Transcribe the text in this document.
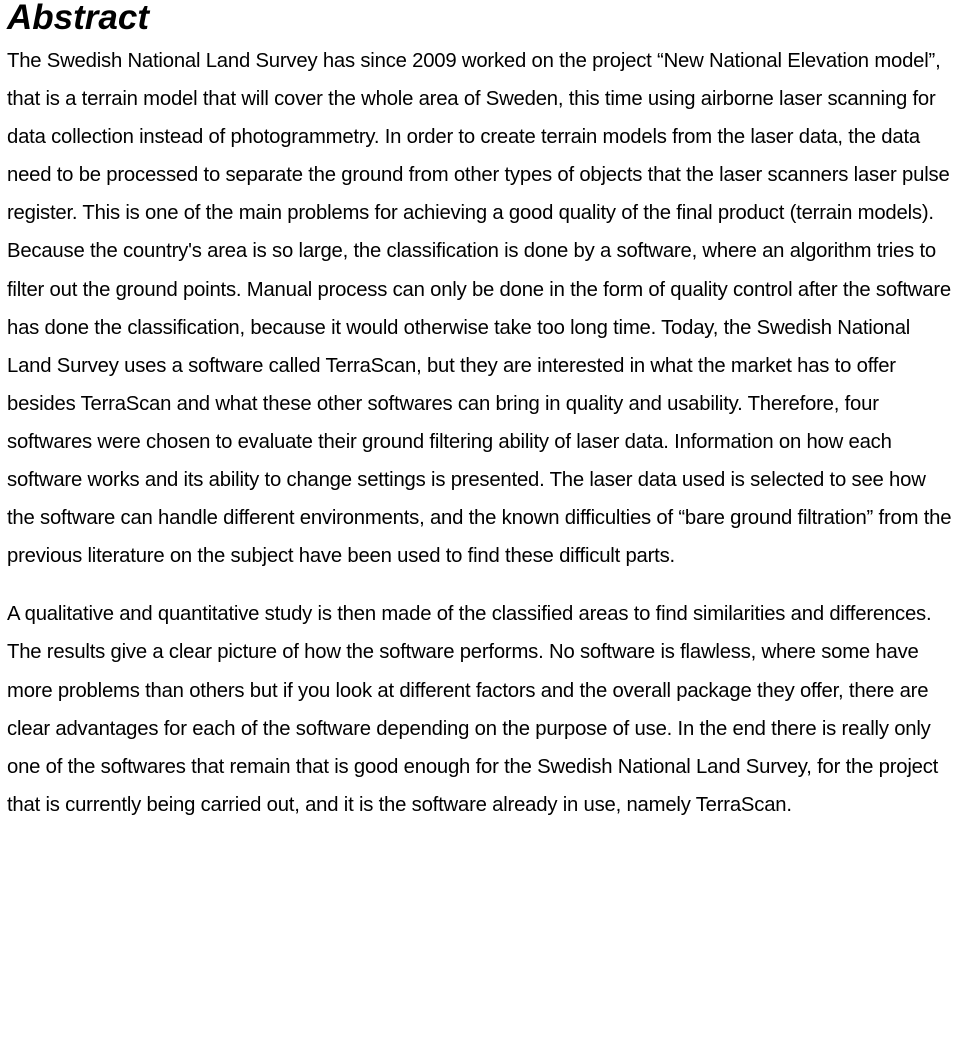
Abstract

The Swedish National Land Survey has since 2009 worked on the project “New National Elevation model”, that is a terrain model that will cover the whole area of Sweden, this time using airborne laser scanning for data collection instead of photogrammetry. In order to create terrain models from the laser data, the data need to be processed to separate the ground from other types of objects that the laser scanners laser pulse register. This is one of the main problems for achieving a good quality of the final product (terrain models). Because the country's area is so large, the classification is done by a software, where an algorithm tries to filter out the ground points. Manual process can only be done in the form of quality control after the software has done the classification, because it would otherwise take too long time. Today, the Swedish National Land Survey uses a software called TerraScan, but they are interested in what the market has to offer besides TerraScan and what these other softwares can bring in quality and usability. Therefore, four softwares were chosen to evaluate their ground filtering ability of laser data. Information on how each software works and its ability to change settings is presented. The laser data used is selected to see how the software can handle different environments, and the known difficulties of “bare ground filtration” from the previous literature on the subject have been used to find these difficult parts.

A qualitative and quantitative study is then made of the classified areas to find similarities and differences. The results give a clear picture of how the software performs. No software is flawless, where some have more problems than others but if you look at different factors and the overall package they offer, there are clear advantages for each of the software depending on the purpose of use. In the end there is really only one of the softwares that remain that is good enough for the Swedish National Land Survey, for the project that is currently being carried out, and it is the software already in use, namely TerraScan.
